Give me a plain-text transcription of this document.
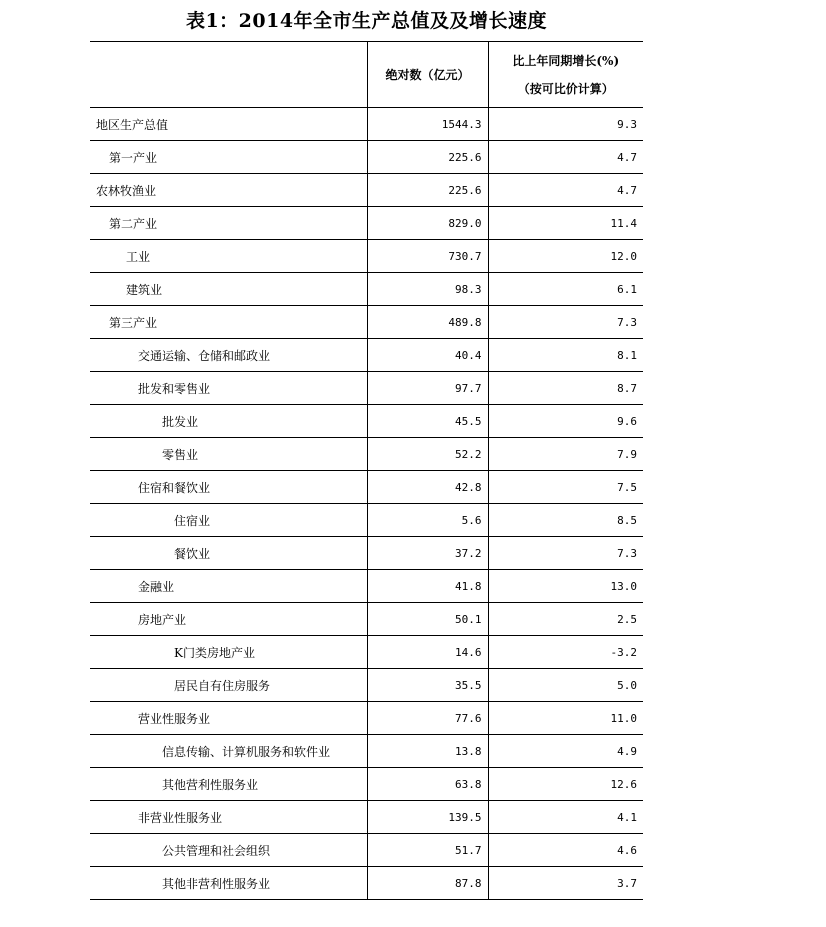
表1：2014年全市生产总值及及增长速度
	绝对数（亿元）	比上年同期增长(%)
（按可比价计算）

地区生产总值	1544.3	9.3
第一产业	225.6	4.7
农林牧渔业	225.6	4.7
第二产业	829.0	11.4
工业	730.7	12.0
建筑业	98.3	6.1
第三产业	489.8	7.3
交通运输、仓储和邮政业	40.4	8.1
批发和零售业	97.7	8.7
批发业	45.5	9.6
零售业	52.2	7.9
住宿和餐饮业	42.8	7.5
住宿业	5.6	8.5
餐饮业	37.2	7.3
金融业	41.8	13.0
房地产业	50.1	2.5
K门类房地产业	14.6	-3.2
居民自有住房服务	35.5	5.0
营业性服务业	77.6	11.0
信息传输、计算机服务和软件业	13.8	4.9
其他营利性服务业	63.8	12.6
非营业性服务业	139.5	4.1
公共管理和社会组织	51.7	4.6
其他非营利性服务业	87.8	3.7
